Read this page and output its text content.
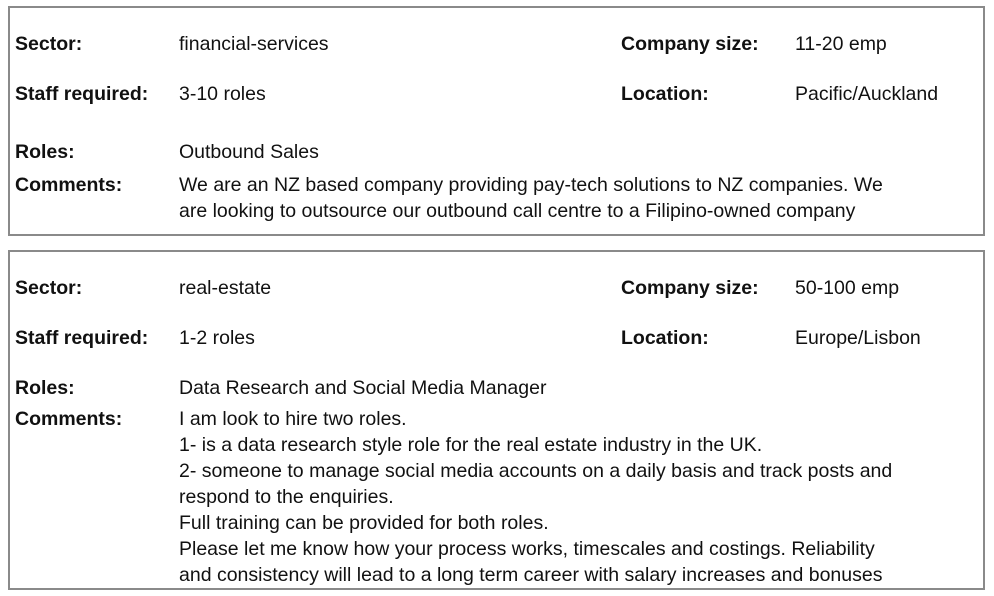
Sector:	financial-services	Company size: 11-20 emp
Staff required: 3-10 roles	Location:	Pacific/Auckland
Roles:	Outbound Sales
Comments:	We are an NZ based company providing pay-tech solutions to NZ companies. We
are looking to outsource our outbound call centre to a Filipino-owned company
Sector:	real-estate	Company size: 50-100 emp
Staff required: 1-2 roles	Location:	Europe/Lisbon
Roles:	Data Research and Social Media Manager
Comments:	I am look to hire two roles.
1- is a data research style role for the real estate industry in the UK.
2- someone to manage social media accounts on a daily basis and track posts and
respond to the enquiries.
Full training can be provided for both roles.
Please let me know how your process works, timescales and costings. Reliability
and consistency will lead to a long term career with salary increases and bonuses
